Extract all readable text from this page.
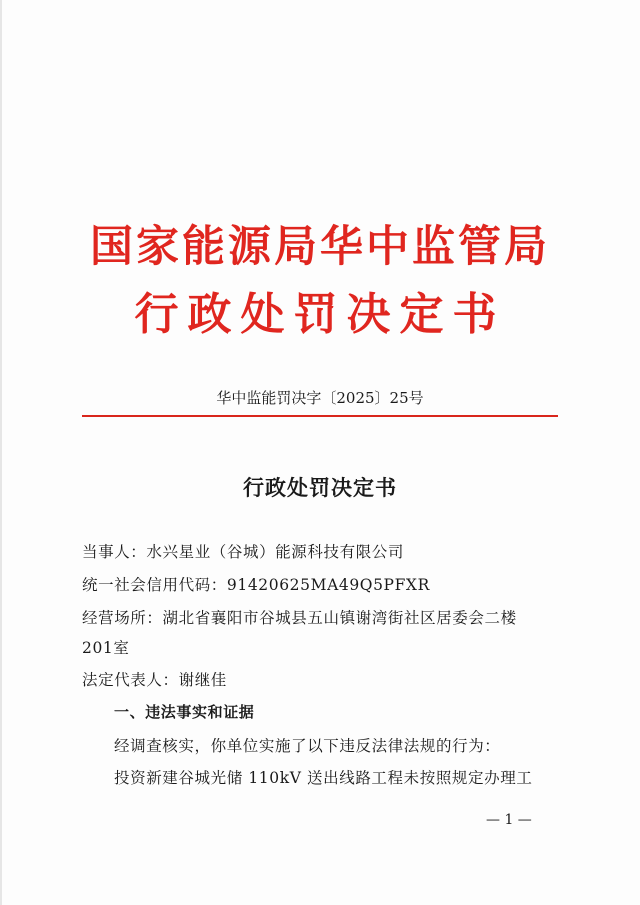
国家能源局华中监管局
行政处罚决定书
华中监能罚决字〔2025〕25号
行政处罚决定书
当事人：水兴星业（谷城）能源科技有限公司
统一社会信用代码：91420625MA49Q5PFXR
经营场所：湖北省襄阳市谷城县五山镇谢湾街社区居委会二楼
201室
法定代表人：谢继佳
一、违法事实和证据
经调查核实，你单位实施了以下违反法律法规的行为：
投资新建谷城光储 110kV 送出线路工程未按照规定办理工
— 1 —
